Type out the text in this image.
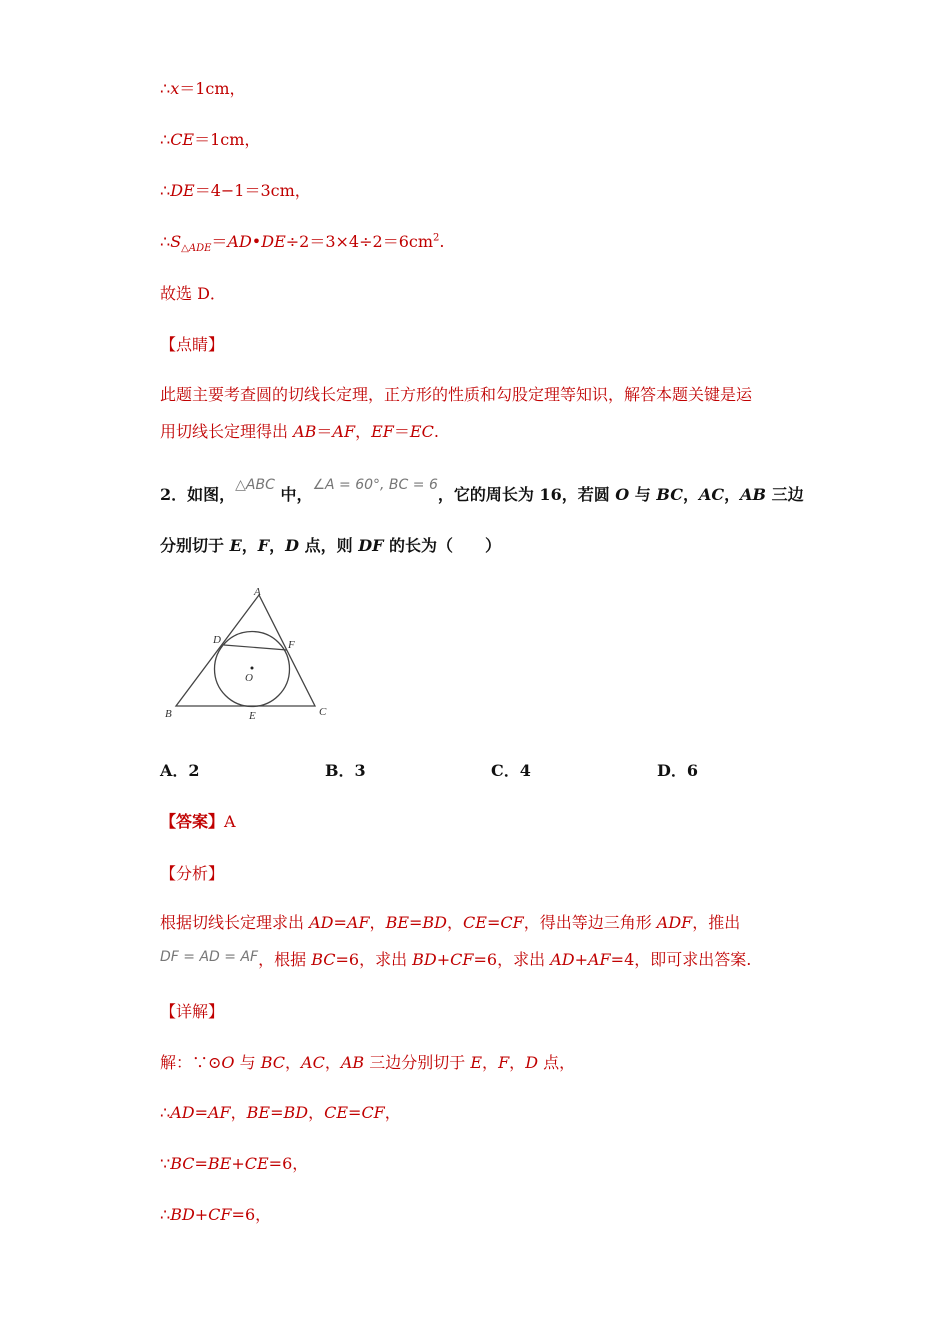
∴x＝1cm，
∴CE＝1cm，
∴DE＝4−1＝3cm，
$\therefore S_{\triangle ADE}=AD•DE\div 2=3\times 4\div 2=6cm^2$.
故选 D．
【点睛】
此题主要考查圆的切线长定理，正方形的性质和勾股定理等知识，解答本题关键是运
用切线长定理得出 AB＝AF，EF＝EC.
2．如图，△ABC 中，∠A = 60°, BC = 6，它的周长为 16，若圆 O 与 BC，AC，AB 三边
分别切于 E，F，D 点，则 DF 的长为（　　）
A
B	C
D
E
F
O
A．2	B．3	C．4	D．6
【答案】A
【分析】
根据切线长定理求出 AD=AF，BE=BD，CE=CF，得出等边三角形 ADF，推出
DF = AD = AF，根据 BC=6，求出 BD+CF=6，求出 AD+AF=4，即可求出答案.
【详解】
解：∵⊙O 与 BC，AC，AB 三边分别切于 E，F，D 点，
∴AD=AF，BE=BD，CE=CF，
∵BC=BE+CE=6，
∴BD+CF=6，
